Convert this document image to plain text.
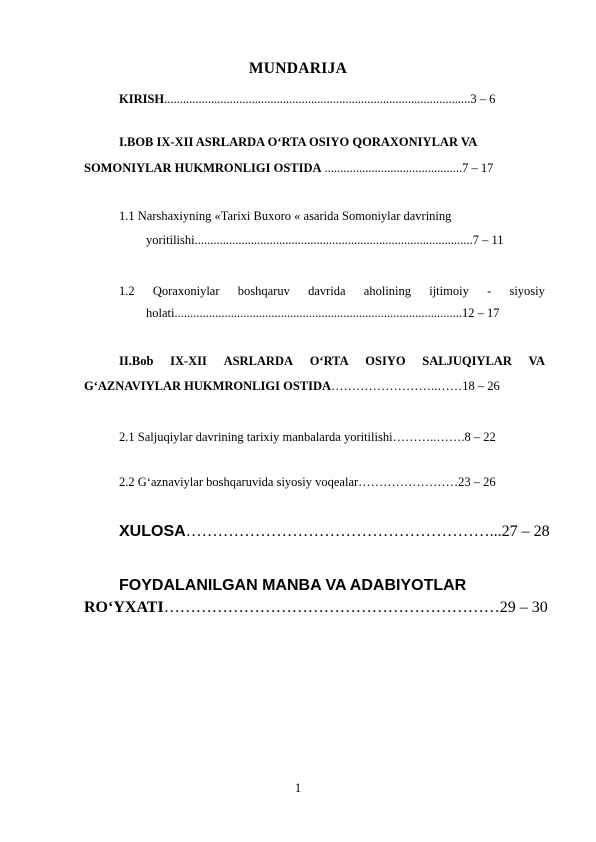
MUNDARIJA
KIRISH..................................................................................................3 – 6
I.BOB IX-XII ASRLARDA O‘RTA OSIYO QORAXONIYLAR VA
SOMONIYLAR HUKMRONLIGI OSTIDA ............................................7 – 17
1.1 Narshaxiyning «Tarixi Buxoro « asarida Somoniylar davrining
yoritilishi.........................................................................................7 – 11
1.2 Qoraxoniylar boshqaruv davrida aholining ijtimoiy - siyosiy
holati............................................................................................12 – 17
II.Bob IX-XII ASRLARDA O‘RTA OSIYO SALJUQIYLAR VA
G‘AZNAVIYLAR HUKMRONLIGI OSTIDA……………………..……18 – 26
2.1 Saljuqiylar davrining tarixiy manbalarda yoritilishi………..…….8 – 22
2.2 G‘aznaviylar boshqaruvida siyosiy voqealar……………………23 – 26
XULOSA…………………………………………………...27 – 28
FOYDALANILGAN MANBA VA ADABIYOTLAR
RO‘YXATI………………………………………………………29 – 30
1
